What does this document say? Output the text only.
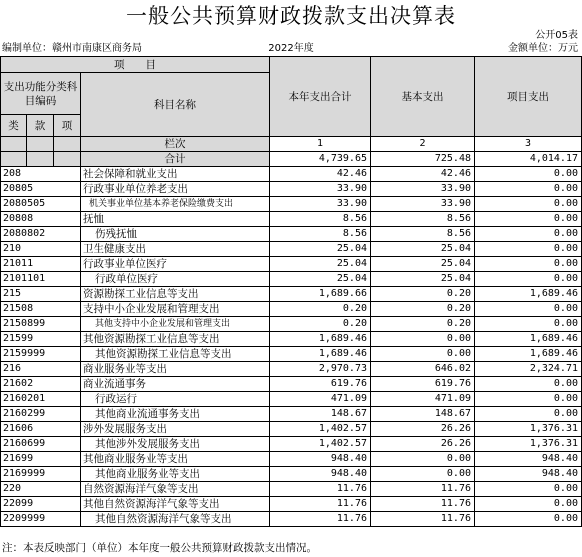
一般公共预算财政拨款支出决算表
公开05表
编制单位：赣州市南康区商务局	2022年度	金额单位：万元
项　　目				本年支出合计	基本支出	项目支出
支出功能分类科目编码			科目名称			

类	款	项				
			栏次	1	2	3
			合计	4,739.65	725.48	4,014.17
208			社会保障和就业支出	42.46	42.46	0.00
20805			行政事业单位养老支出	33.90	33.90	0.00
2080505			机关事业单位基本养老保险缴费支出	33.90	33.90	0.00
20808			抚恤	8.56	8.56	0.00
2080802			伤残抚恤	8.56	8.56	0.00
210			卫生健康支出	25.04	25.04	0.00
21011			行政事业单位医疗	25.04	25.04	0.00
2101101			行政单位医疗	25.04	25.04	0.00
215			资源勘探工业信息等支出	1,689.66	0.20	1,689.46
21508			支持中小企业发展和管理支出	0.20	0.20	0.00
2150899			其他支持中小企业发展和管理支出	0.20	0.20	0.00
21599			其他资源勘探工业信息等支出	1,689.46	0.00	1,689.46
2159999			其他资源勘探工业信息等支出	1,689.46	0.00	1,689.46
216			商业服务业等支出	2,970.73	646.02	2,324.71
21602			商业流通事务	619.76	619.76	0.00
2160201			行政运行	471.09	471.09	0.00
2160299			其他商业流通事务支出	148.67	148.67	0.00
21606			涉外发展服务支出	1,402.57	26.26	1,376.31
2160699			其他涉外发展服务支出	1,402.57	26.26	1,376.31
21699			其他商业服务业等支出	948.40	0.00	948.40
2169999			其他商业服务业等支出	948.40	0.00	948.40
220			自然资源海洋气象等支出	11.76	11.76	0.00
22099			其他自然资源海洋气象等支出	11.76	11.76	0.00
2209999			其他自然资源海洋气象等支出	11.76	11.76	0.00
注：本表反映部门（单位）本年度一般公共预算财政拨款支出情况。
